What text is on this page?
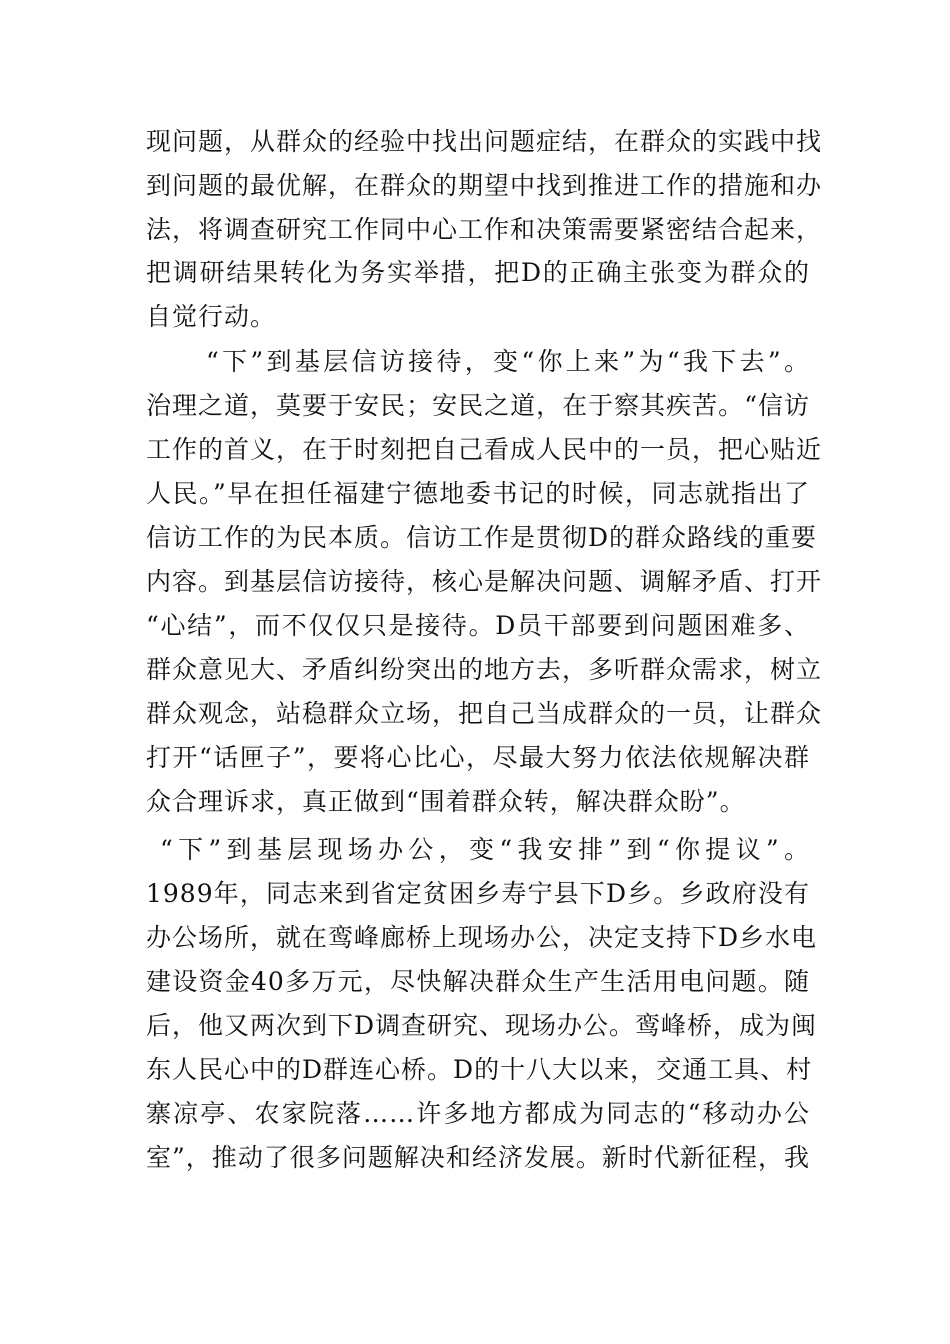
现问题，从群众的经验中找出问题症结，在群众的实践中找
到问题的最优解，在群众的期望中找到推进工作的措施和办
法，将调查研究工作同中心工作和决策需要紧密结合起来，
把调研结果转化为务实举措，把D的正确主张变为群众的
自觉行动。
“下”到基层信访接待，变“你上来”为“我下去”。
治理之道，莫要于安民；安民之道，在于察其疾苦。“信访
工作的首义，在于时刻把自己看成人民中的一员，把心贴近
人民。”早在担任福建宁德地委书记的时候，同志就指出了
信访工作的为民本质。信访工作是贯彻D的群众路线的重要
内容。到基层信访接待，核心是解决问题、调解矛盾、打开
“心结”，而不仅仅只是接待。D员干部要到问题困难多、
群众意见大、矛盾纠纷突出的地方去，多听群众需求，树立
群众观念，站稳群众立场，把自己当成群众的一员，让群众
打开“话匣子”，要将心比心，尽最大努力依法依规解决群
众合理诉求，真正做到“围着群众转，解决群众盼”。
“下”到基层现场办公，变“我安排”到“你提议”。
1989年，同志来到省定贫困乡寿宁县下D乡。乡政府没有
办公场所，就在鸾峰廊桥上现场办公，决定支持下D乡水电
建设资金40多万元，尽快解决群众生产生活用电问题。随
后，他又两次到下D调查研究、现场办公。鸾峰桥，成为闽
东人民心中的D群连心桥。D的十八大以来，交通工具、村
寨凉亭、农家院落……许多地方都成为同志的“移动办公
室”，推动了很多问题解决和经济发展。新时代新征程，我
